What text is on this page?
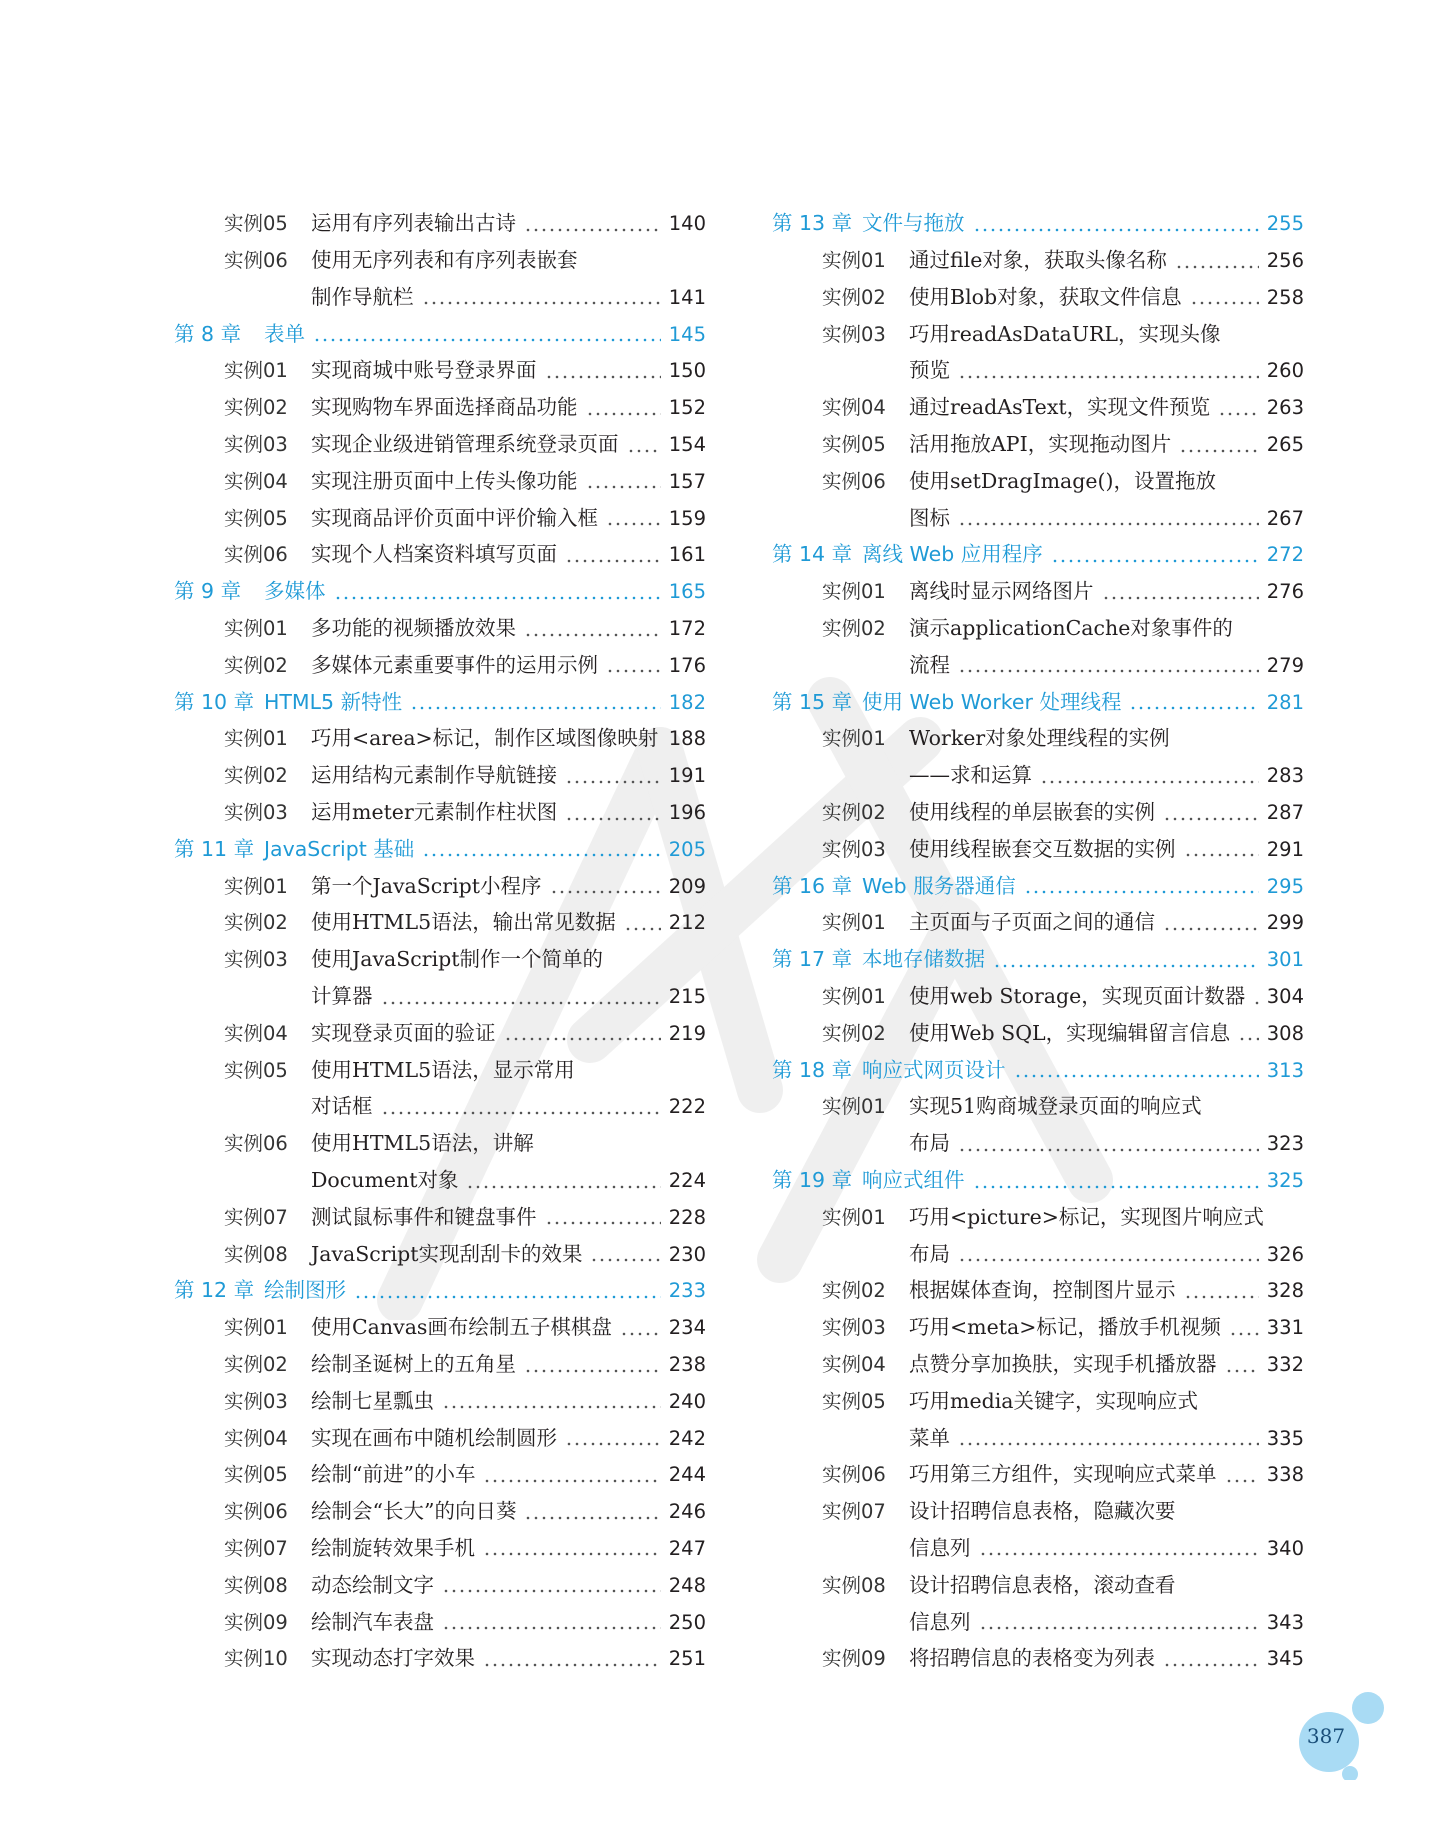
实例05 运用有序列表输出古诗	140
实例06 使用无序列表和有序列表嵌套
制作导航栏	141
第 8 章 表单	145
实例01 实现商城中账号登录界面	150
实例02 实现购物车界面选择商品功能	152
实例03 实现企业级进销管理系统登录页面	154
实例04 实现注册页面中上传头像功能	157
实例05 实现商品评价页面中评价输入框	159
实例06 实现个人档案资料填写页面	161
第 9 章 多媒体	165
实例01 多功能的视频播放效果	172
实例02 多媒体元素重要事件的运用示例	176
第 10 章 HTML5 新特性	182
实例01 巧用<area>标记，制作区域图像映射 188
实例02 运用结构元素制作导航链接	191
实例03 运用meter元素制作柱状图	196
第 11 章 JavaScript 基础	205
实例01 第一个JavaScript小程序	209
实例02 使用HTML5语法，输出常见数据	212
实例03 使用JavaScript制作一个简单的
计算器	215
实例04 实现登录页面的验证	219
实例05 使用HTML5语法，显示常用
对话框	222
实例06 使用HTML5语法，讲解
Document对象	224
实例07 测试鼠标事件和键盘事件	228
实例08 JavaScript实现刮刮卡的效果	230
第 12 章 绘制图形	233
实例01 使用Canvas画布绘制五子棋棋盘	234
实例02 绘制圣诞树上的五角星	238
实例03 绘制七星瓢虫	240
实例04 实现在画布中随机绘制圆形	242
实例05 绘制“前进”的小车	244
实例06 绘制会“长大”的向日葵	246
实例07 绘制旋转效果手机	247
实例08 动态绘制文字	248
实例09 绘制汽车表盘	250
实例10 实现动态打字效果	251
第 13 章 文件与拖放	255
实例01 通过file对象，获取头像名称	256
实例02 使用Blob对象，获取文件信息	258
实例03 巧用readAsDataURL，实现头像
预览	260
实例04 通过readAsText，实现文件预览	263
实例05 活用拖放API，实现拖动图片	265
实例06 使用setDragImage()，设置拖放
图标	267
第 14 章 离线 Web 应用程序	272
实例01 离线时显示网络图片	276
实例02 演示applicationCache对象事件的
流程	279
第 15 章 使用 Web Worker 处理线程	281
实例01 Worker对象处理线程的实例
——求和运算	283
实例02 使用线程的单层嵌套的实例	287
实例03 使用线程嵌套交互数据的实例	291
第 16 章 Web 服务器通信	295
实例01 主页面与子页面之间的通信	299
第 17 章 本地存储数据	301
实例01 使用web Storage，实现页面计数器 304
实例02 使用Web SQL，实现编辑留言信息 308
第 18 章 响应式网页设计	313
实例01 实现51购商城登录页面的响应式
布局	323
第 19 章 响应式组件	325
实例01 巧用<picture>标记，实现图片响应式
布局	326
实例02 根据媒体查询，控制图片显示	328
实例03 巧用<meta>标记，播放手机视频 331
实例04 点赞分享加换肤，实现手机播放器	332
实例05 巧用media关键字，实现响应式
菜单	335
实例06 巧用第三方组件，实现响应式菜单	338
实例07 设计招聘信息表格，隐藏次要
信息列	340
实例08 设计招聘信息表格，滚动查看
信息列	343
实例09 将招聘信息的表格变为列表	345
387
